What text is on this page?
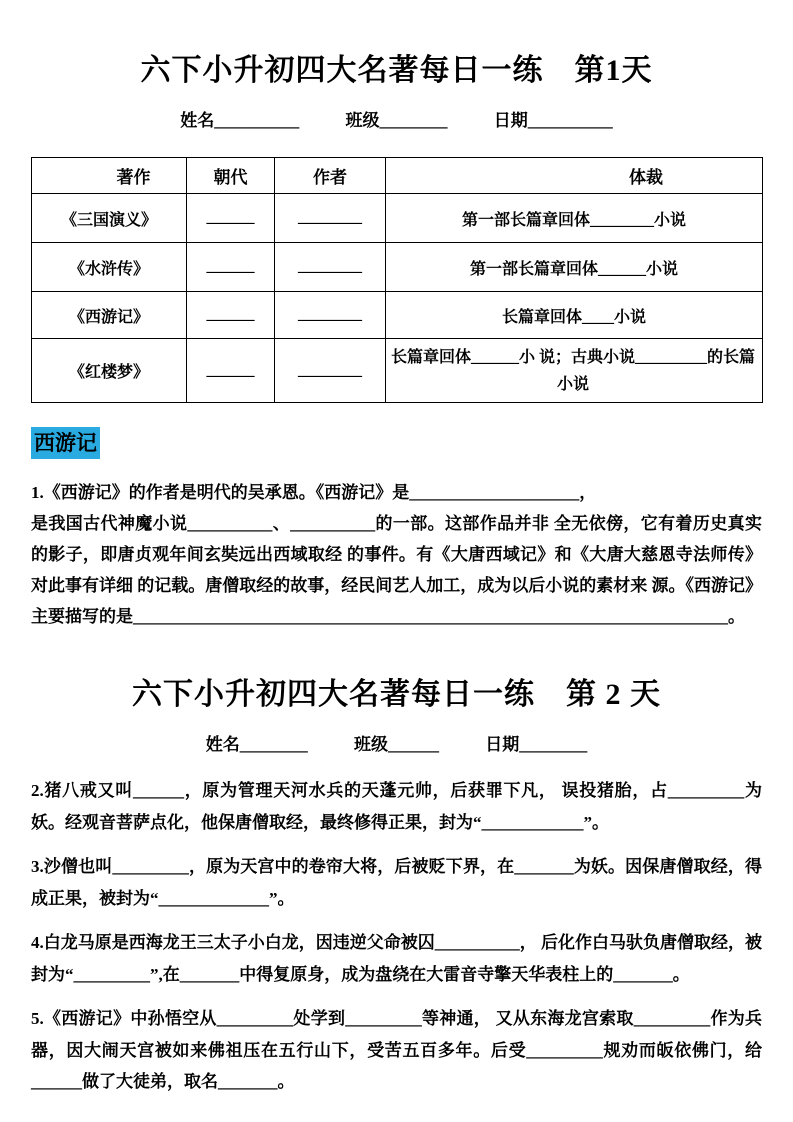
六下小升初四大名著每日一练　第1天
姓名__________	班级________	日期__________
著作	朝代	作者	体裁
《三国演义》	______	________	第一部长篇章回体________小说
《水浒传》	______	________	第一部长篇章回体______小说
《西游记》	______	________	长篇章回体____小说
《红楼梦》	______	________	长篇章回体______小 说；古典小说_________的长篇小说
西游记
1.《西游记》的作者是明代的吴承恩。《西游记》是____________________，

是我国古代神魔小说__________、__________的一部。这部作品并非 全无依傍，它有着历史真实的影子，即唐贞观年间玄奘远出西域取经 的事件。有《大唐西域记》和《大唐大慈恩寺法师传》对此事有详细 的记载。唐僧取经的故事，经民间艺人加工，成为以后小说的素材来 源。《西游记》主要描写的是______________________________________________________________________。

六下小升初四大名著每日一练　第 2 天
姓名________	班级______	日期________

2.猪八戒又叫______，原为管理天河水兵的天蓬元帅，后获罪下凡， 误投猪胎，占_________为妖。经观音菩萨点化，他保唐僧取经，最终修得正果，封为“____________”。

3.沙僧也叫_________，原为天宫中的卷帘大将，后被贬下界，在_______为妖。因保唐僧取经，得成正果，被封为“_____________”。

4.白龙马原是西海龙王三太子小白龙，因违逆父命被囚__________， 后化作白马驮负唐僧取经，被封为“_________”,在_______中得复原身，成为盘绕在大雷音寺擎天华表柱上的_______。

5.《西游记》中孙悟空从_________处学到_________等神通， 又从东海龙宫索取_________作为兵器，因大闹天宫被如来佛祖压在五行山下，受苦五百多年。后受_________规劝而皈依佛门，给______做了大徒弟，取名_______。
